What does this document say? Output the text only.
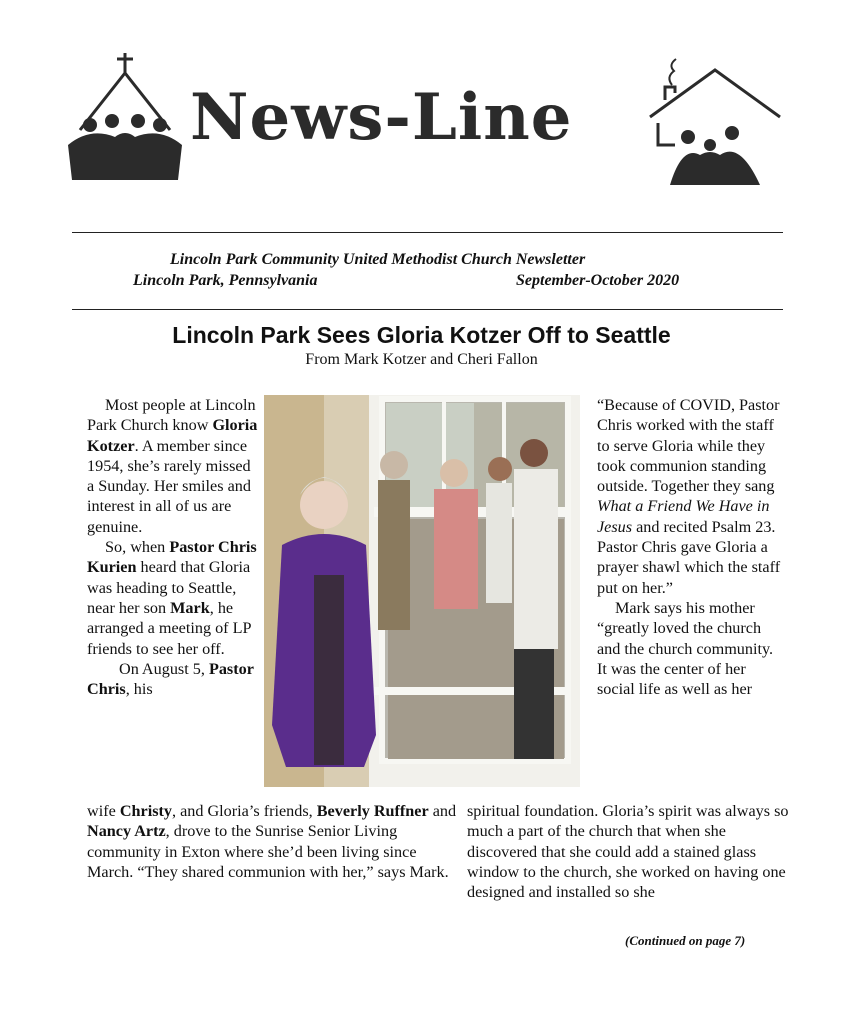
News-Line
Lincoln Park Community United Methodist Church Newsletter
Lincoln Park, Pennsylvania	September-October 2020
Lincoln Park Sees Gloria Kotzer Off to Seattle
From Mark Kotzer and Cheri Fallon

Most people at Lincoln Park Church know Gloria Kotzer. A member since 1954, she’s rarely missed a Sunday. Her smiles and interest in all of us are genuine.

So, when Pastor Chris Kurien heard that Gloria was heading to Seattle, near her son Mark, he arranged a meeting of LP friends to see her off.

On August 5, Pastor Chris, his

wife Christy, and Gloria’s friends, Beverly Ruffner and Nancy Artz, drove to the Sunrise Senior Living community in Exton where she’d been living since March. “They shared communion with her,” says Mark.

“Because of COVID, Pastor Chris worked with the staff to serve Gloria while they took communion standing outside. Together they sang What a Friend We Have in Jesus and recited Psalm 23. Pastor Chris gave Gloria a prayer shawl which the staff put on her.”

Mark says his mother “greatly loved the church and the church community. It was the center of her social life as well as her

spiritual foundation. Gloria’s spirit was always so much a part of the church that when she discovered that she could add a stained glass window to the church, she worked on having one designed and installed so she

(Continued on page 7)
